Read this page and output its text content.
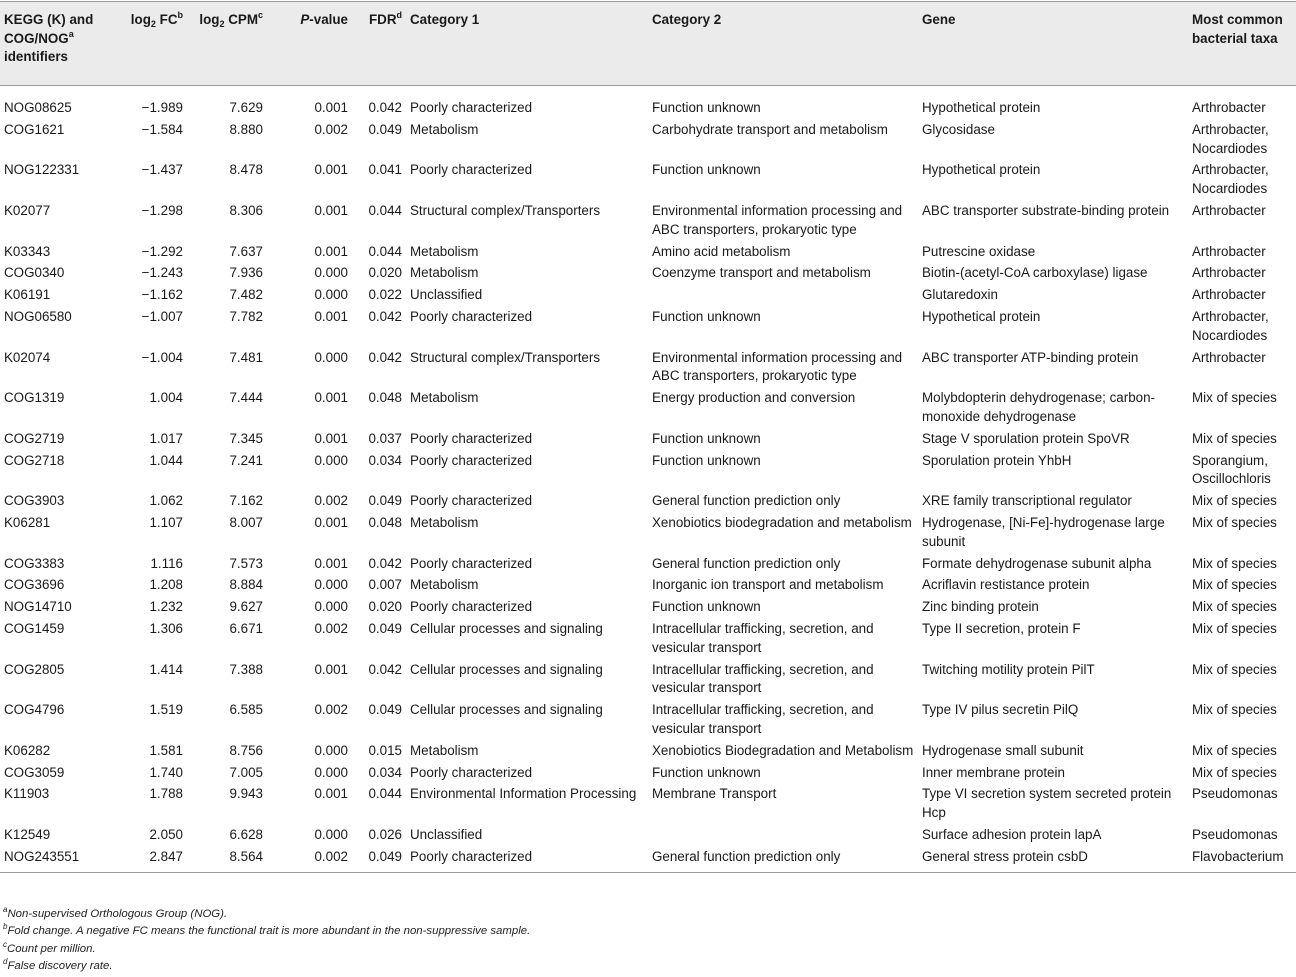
KEGG (K) and COG/NOG$^a$ identifiers	$\log_2 FC^b$	$\log_2 CPM^c$	P-value	FDR$^d$	Category 1	Category 2	Gene	Most common bacterial taxa
NOG08625	−1.989	7.629	0.001	0.042	Poorly characterized	Function unknown	Hypothetical protein	Arthrobacter
COG1621	−1.584	8.880	0.002	0.049	Metabolism	Carbohydrate transport and metabolism	Glycosidase	Arthrobacter, Nocardiodes
NOG122331	−1.437	8.478	0.001	0.041	Poorly characterized	Function unknown	Hypothetical protein	Arthrobacter, Nocardiodes
K02077	−1.298	8.306	0.001	0.044	Structural complex/Transporters	Environmental information processing and ABC transporters, prokaryotic type	ABC transporter substrate-binding protein	Arthrobacter
K03343	−1.292	7.637	0.001	0.044	Metabolism	Amino acid metabolism	Putrescine oxidase	Arthrobacter
COG0340	−1.243	7.936	0.000	0.020	Metabolism	Coenzyme transport and metabolism	Biotin-(acetyl-CoA carboxylase) ligase	Arthrobacter
K06191	−1.162	7.482	0.000	0.022	Unclassified		Glutaredoxin	Arthrobacter
NOG06580	−1.007	7.782	0.001	0.042	Poorly characterized	Function unknown	Hypothetical protein	Arthrobacter, Nocardiodes
K02074	−1.004	7.481	0.000	0.042	Structural complex/Transporters	Environmental information processing and ABC transporters, prokaryotic type	ABC transporter ATP-binding protein	Arthrobacter
COG1319	1.004	7.444	0.001	0.048	Metabolism	Energy production and conversion	Molybdopterin dehydrogenase; carbon-monoxide dehydrogenase	Mix of species
COG2719	1.017	7.345	0.001	0.037	Poorly characterized	Function unknown	Stage V sporulation protein SpoVR	Mix of species
COG2718	1.044	7.241	0.000	0.034	Poorly characterized	Function unknown	Sporulation protein YhbH	Sporangium, Oscillochloris
COG3903	1.062	7.162	0.002	0.049	Poorly characterized	General function prediction only	XRE family transcriptional regulator	Mix of species
K06281	1.107	8.007	0.001	0.048	Metabolism	Xenobiotics biodegradation and metabolism	Hydrogenase, [Ni-Fe]-hydrogenase large subunit	Mix of species
COG3383	1.116	7.573	0.001	0.042	Poorly characterized	General function prediction only	Formate dehydrogenase subunit alpha	Mix of species
COG3696	1.208	8.884	0.000	0.007	Metabolism	Inorganic ion transport and metabolism	Acriflavin restistance protein	Mix of species
NOG14710	1.232	9.627	0.000	0.020	Poorly characterized	Function unknown	Zinc binding protein	Mix of species
COG1459	1.306	6.671	0.002	0.049	Cellular processes and signaling	Intracellular trafficking, secretion, and vesicular transport	Type II secretion, protein F	Mix of species
COG2805	1.414	7.388	0.001	0.042	Cellular processes and signaling	Intracellular trafficking, secretion, and vesicular transport	Twitching motility protein PilT	Mix of species
COG4796	1.519	6.585	0.002	0.049	Cellular processes and signaling	Intracellular trafficking, secretion, and vesicular transport	Type IV pilus secretin PilQ	Mix of species
K06282	1.581	8.756	0.000	0.015	Metabolism	Xenobiotics Biodegradation and Metabolism	Hydrogenase small subunit	Mix of species
COG3059	1.740	7.005	0.000	0.034	Poorly characterized	Function unknown	Inner membrane protein	Mix of species
K11903	1.788	9.943	0.001	0.044	Environmental Information Processing	Membrane Transport	Type VI secretion system secreted protein Hcp	Pseudomonas
K12549	2.050	6.628	0.000	0.026	Unclassified		Surface adhesion protein lapA	Pseudomonas
NOG243551	2.847	8.564	0.002	0.049	Poorly characterized	General function prediction only	General stress protein csbD	Flavobacterium
$^a$Non-supervised Orthologous Group (NOG).
$^b$Fold change. A negative FC means the functional trait is more abundant in the non-suppressive sample.
$^c$Count per million.
$^d$False discovery rate.
